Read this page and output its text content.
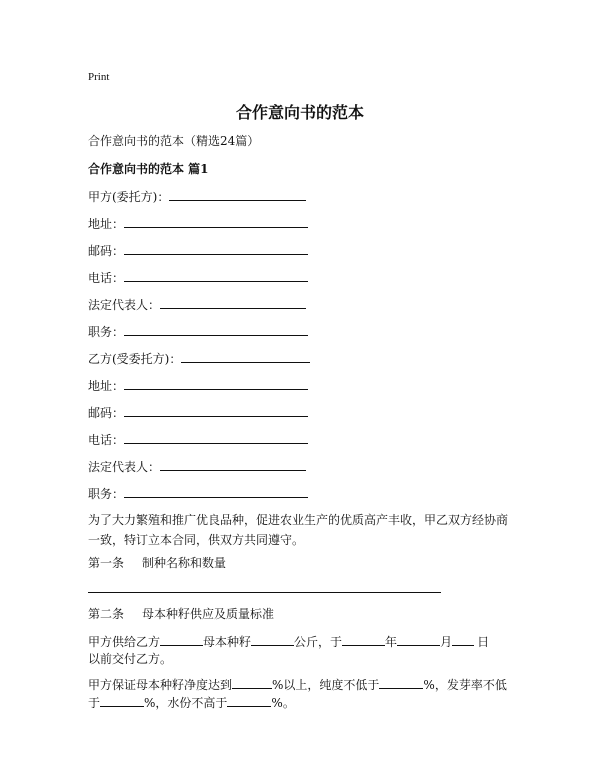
Print
合作意向书的范本
合作意向书的范本（精选24篇）
合作意向书的范本 篇1
甲方(委托方)：
地址：
邮码：
电话：
法定代表人：
职务：
乙方(受委托方)：
地址：
邮码：
电话：
法定代表人：
职务：
为了大力繁殖和推广优良品种，促进农业生产的优质高产丰收，甲乙双方经协商一致，特订立本合同，供双方共同遵守。
第一条 制种名称和数量
第二条 母本种籽供应及质量标准
甲方供给乙方	母本种籽	公斤，于	年	月 日
以前交付乙方。
甲方保证母本种籽净度达到	%以上，纯度不低于	%，发芽率不低
于	%，水份不高于	%。
